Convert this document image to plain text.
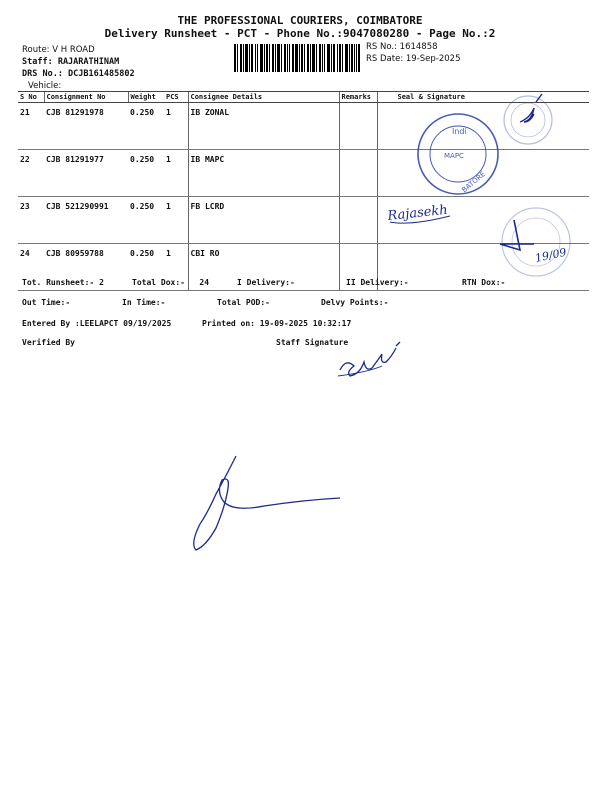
THE PROFESSIONAL COURIERS, COIMBATORE
Delivery Runsheet - PCT - Phone No.:9047080280 - Page No.:2
Route: V H ROAD
Staff: RAJARATHINAM
DRS No.: DCJB161485802
Vehicle:
RS No.: 1614858
RS Date: 19-Sep-2025
S No	Consignment No	Weight	PCS	Consignee Details	Remarks	Seal & Signature
21	CJB 81291978	0.250	1	IB ZONAL		
22	CJB 81291977	0.250	1	IB MAPC		
23	CJB 521290991	0.250	1	FB LCRD		
24	CJB 80959788	0.250	1	CBI RO		
Indi
MAPC
BATORE
Rajasekh
19/09
Tot. Runsheet:- 2	Total Dox:-   24	I Delivery:-	II Delivery:-	RTN Dox:-
Out Time:-	In Time:-	Total POD:-	Delvy Points:-
Entered By :LEELAPCT 09/19/2025	Printed on: 19-09-2025 10:32:17
Verified By	Staff Signature
